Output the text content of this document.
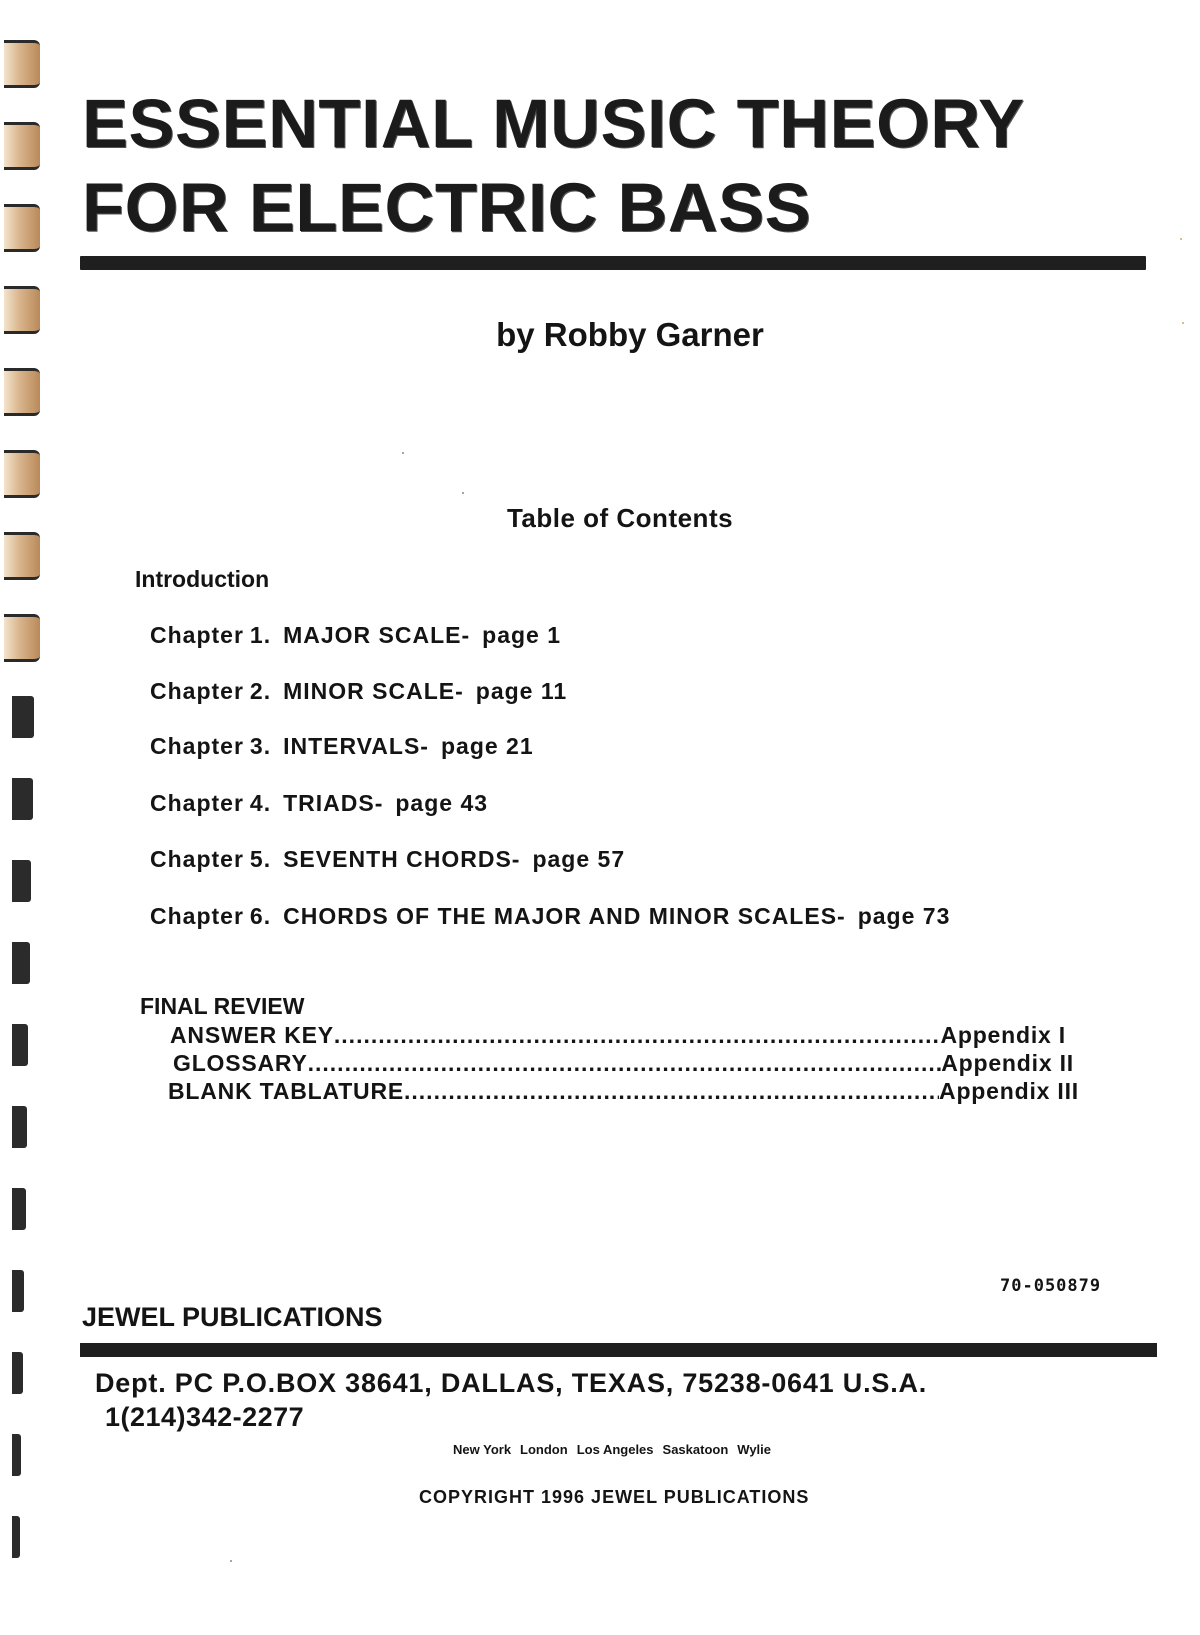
ESSENTIAL MUSIC THEORY
FOR ELECTRIC BASS
by Robby Garner
Table of Contents
Introduction
Chapter 1. MAJOR SCALE- page 1
Chapter 2. MINOR SCALE- page 11
Chapter 3. INTERVALS- page 21
Chapter 4. TRIADS- page 43
Chapter 5. SEVENTH CHORDS- page 57
Chapter 6. CHORDS OF THE MAJOR AND MINOR SCALES- page 73
FINAL REVIEW
ANSWER KEY .....	Appendix I
GLOSSARY .....	Appendix II
BLANK TABLATURE .....	Appendix III
70-050879
JEWEL PUBLICATIONS
Dept. PC P.O.BOX 38641, DALLAS, TEXAS, 75238-0641 U.S.A.
1(214)342-2277
New York London Los Angeles Saskatoon Wylie
COPYRIGHT 1996 JEWEL PUBLICATIONS
